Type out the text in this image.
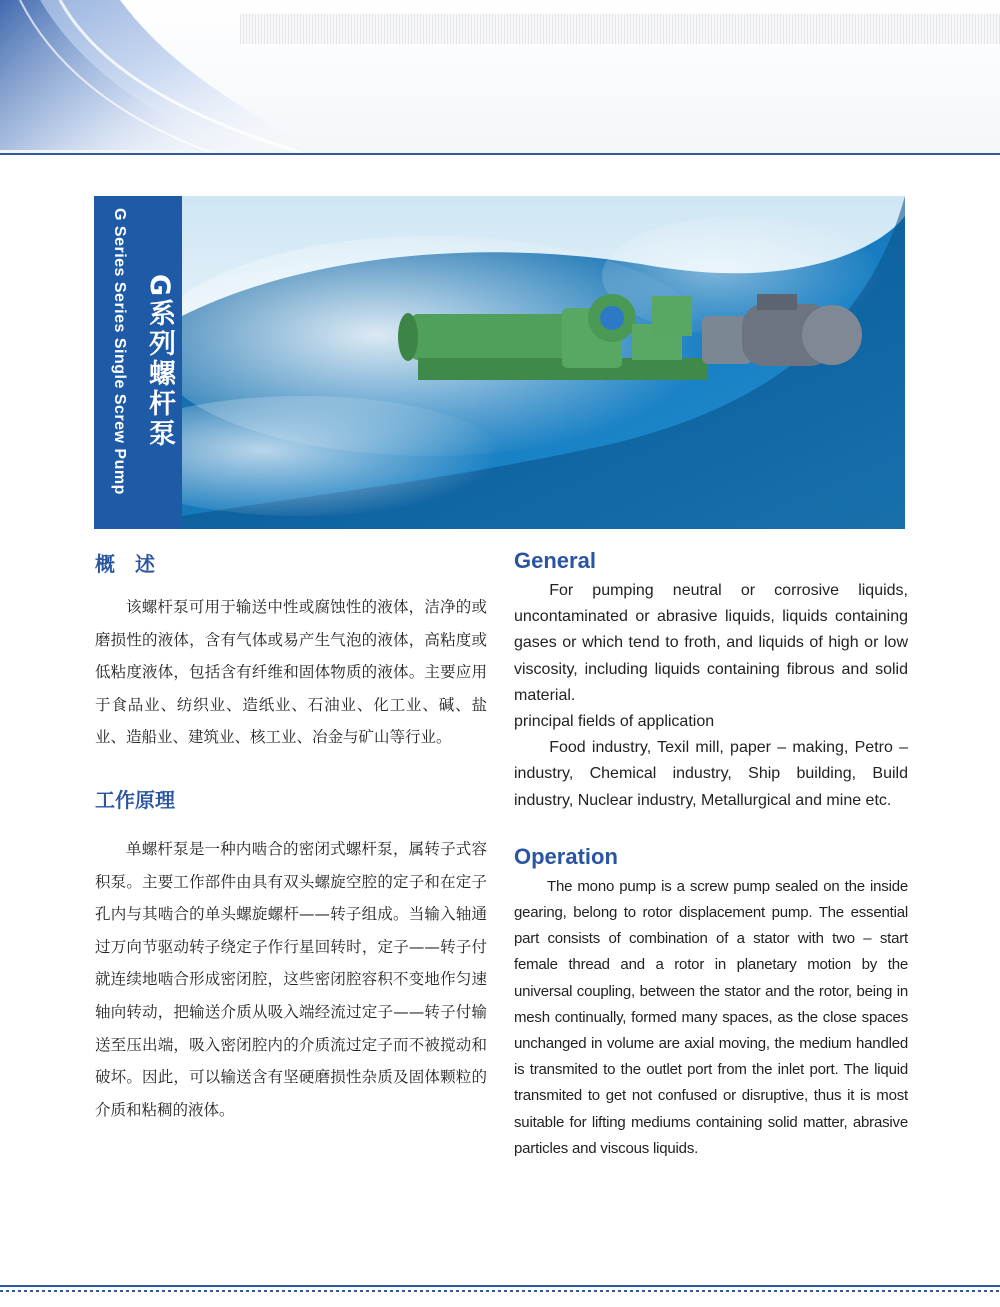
G Series Series Single Screw Pump G系列螺杆泵
概　述

该螺杆泵可用于输送中性或腐蚀性的液体，洁净的或磨损性的液体，含有气体或易产生气泡的液体，高粘度或低粘度液体，包括含有纤维和固体物质的液体。主要应用于食品业、纺织业、造纸业、石油业、化工业、碱、盐业、造船业、建筑业、核工业、冶金与矿山等行业。

工作原理

单螺杆泵是一种内啮合的密闭式螺杆泵，属转子式容积泵。主要工作部件由具有双头螺旋空腔的定子和在定子孔内与其啮合的单头螺旋螺杆——转子组成。当输入轴通过万向节驱动转子绕定子作行星回转时，定子——转子付就连续地啮合形成密闭腔，这些密闭腔容积不变地作匀速轴向转动，把输送介质从吸入端经流过定子——转子付输送至压出端，吸入密闭腔内的介质流过定子而不被搅动和破坏。因此，可以输送含有坚硬磨损性杂质及固体颗粒的介质和粘稠的液体。

General

For pumping neutral or corrosive liquids, uncontaminated or abrasive liquids, liquids containing gases or which tend to froth, and liquids of high or low viscosity, including liquids containing fibrous and solid material.

principal fields of application

Food industry, Texil mill, paper – making, Petro – industry, Chemical industry, Ship building, Build industry, Nuclear industry, Metallurgical and mine etc.

Operation

The mono pump is a screw pump sealed on the inside gearing, belong to rotor displacement pump. The essential part consists of combination of a stator with two – start female thread and a rotor in planetary motion by the universal coupling, between the stator and the rotor, being in mesh continually, formed many spaces, as the close spaces unchanged in volume are axial moving, the medium handled is transmited to the outlet port from the inlet port. The liquid transmited to get not confused or disruptive, thus it is most suitable for lifting mediums containing solid matter, abrasive particles and viscous liquids.
